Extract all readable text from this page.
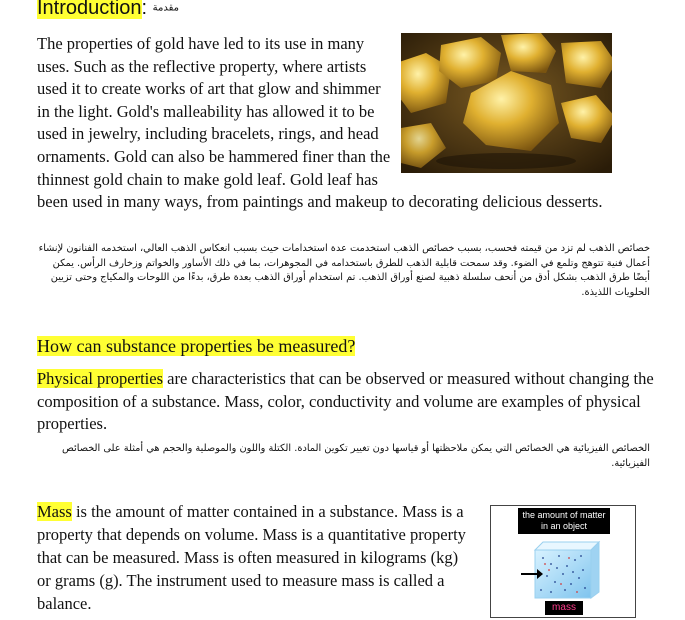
Introduction: مقدمة
The properties of gold have led to its use in many uses. Such as the reflective property, where artists used it to create works of art that glow and shimmer in the light. Gold's malleability has allowed it to be used in jewelry, including bracelets, rings, and head ornaments. Gold can also be hammered finer than the thinnest gold chain to make gold leaf. Gold leaf has been used in many ways, from paintings and makeup to decorating delicious desserts.

خصائص الذهب لم تزد من قيمته فحسب، بسبب خصائص الذهب استخدمت عدة استخدامات حيث بسبب انعكاس الذهب العالي، استخدمه الفنانون لإنشاء أعمال فنية تتوهج وتلمع في الضوء. وقد سمحت قابلية الذهب للطرق باستخدامه في المجوهرات، بما في ذلك الأساور والخواتم وزخارف الرأس. يمكن أيضًا طرق الذهب بشكل أدق من أنحف سلسلة ذهبية لصنع أوراق الذهب. تم استخدام أوراق الذهب بعدة طرق، بدءًا من اللوحات والمكياج وحتى تزيين الحلويات اللذيذة.

How can substance properties be measured?

Physical properties are characteristics that can be observed or measured without changing the composition of a substance. Mass, color, conductivity and volume are examples of physical properties.

الخصائص الفيزيائية هي الخصائص التي يمكن ملاحظتها أو قياسها دون تغيير تكوين المادة. الكتلة واللون والموصلية والحجم هي أمثلة على الخصائص الفيزيائية.

Mass is the amount of matter contained in a substance. Mass is a property that depends on volume. Mass is a quantitative property that can be measured. Mass is often measured in kilograms (kg) or grams (g). The instrument used to measure mass is called a balance.

the amount of matter in an object
mass
